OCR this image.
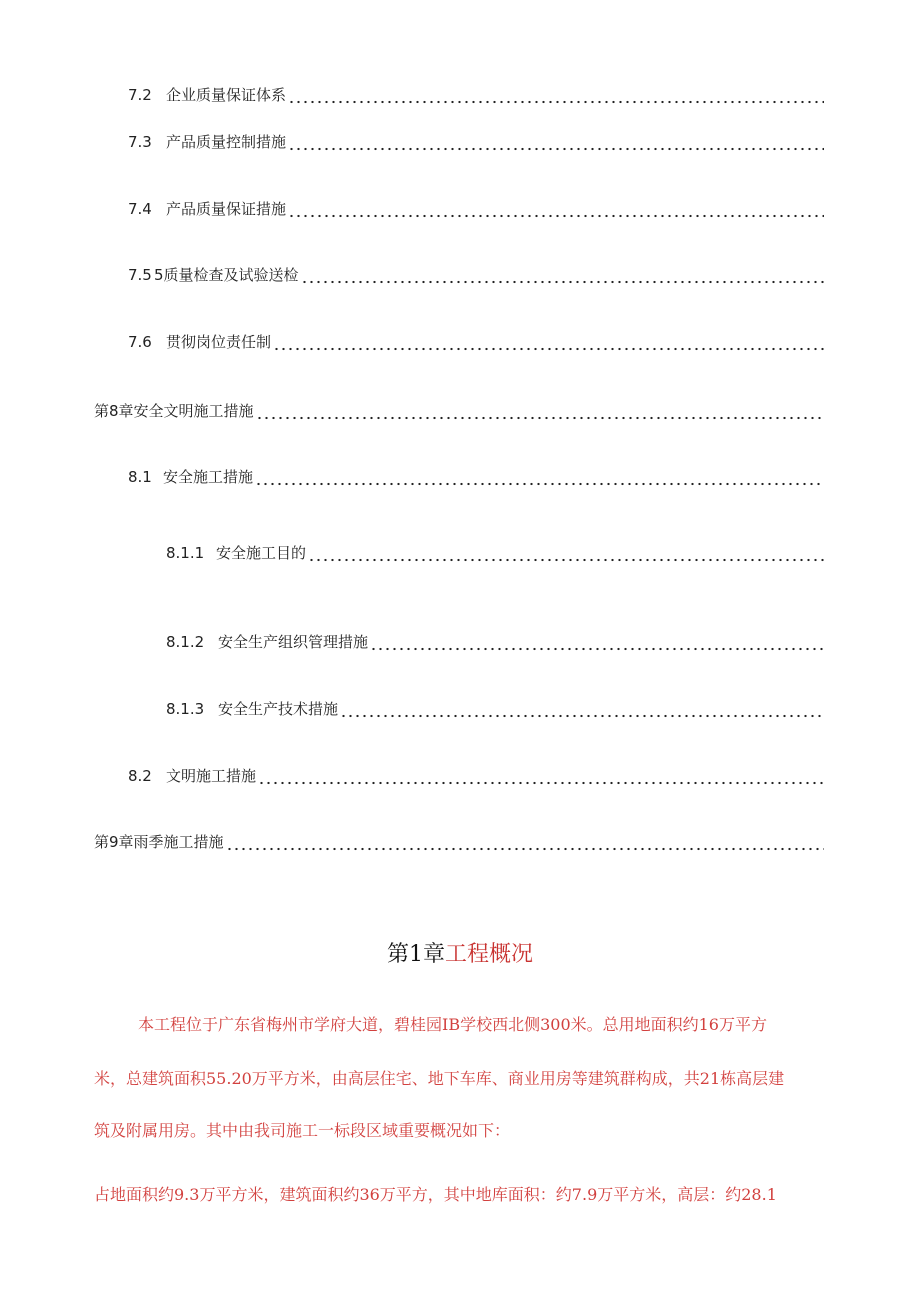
7.2 企业质量保证体系
7.3 产品质量控制措施
7.4 产品质量保证措施
7.5 5质量检查及试验送检
7.6 贯彻岗位责任制
第8章安全文明施工措施
8.1 安全施工措施
8.1.1 安全施工目的
8.1.2 安全生产组织管理措施
8.1.3 安全生产技术措施
8.2 文明施工措施
第9章雨季施工措施
第1章工程概况
本工程位于广东省梅州市学府大道，碧桂园IB学校西北侧300米。总用地面积约16万平方
米，总建筑面积55.20万平方米，由高层住宅、地下车库、商业用房等建筑群构成，共21栋高层建
筑及附属用房。其中由我司施工一标段区域重要概况如下：
占地面积约9.3万平方米，建筑面积约36万平方，其中地库面积：约7.9万平方米，高层：约28.1
